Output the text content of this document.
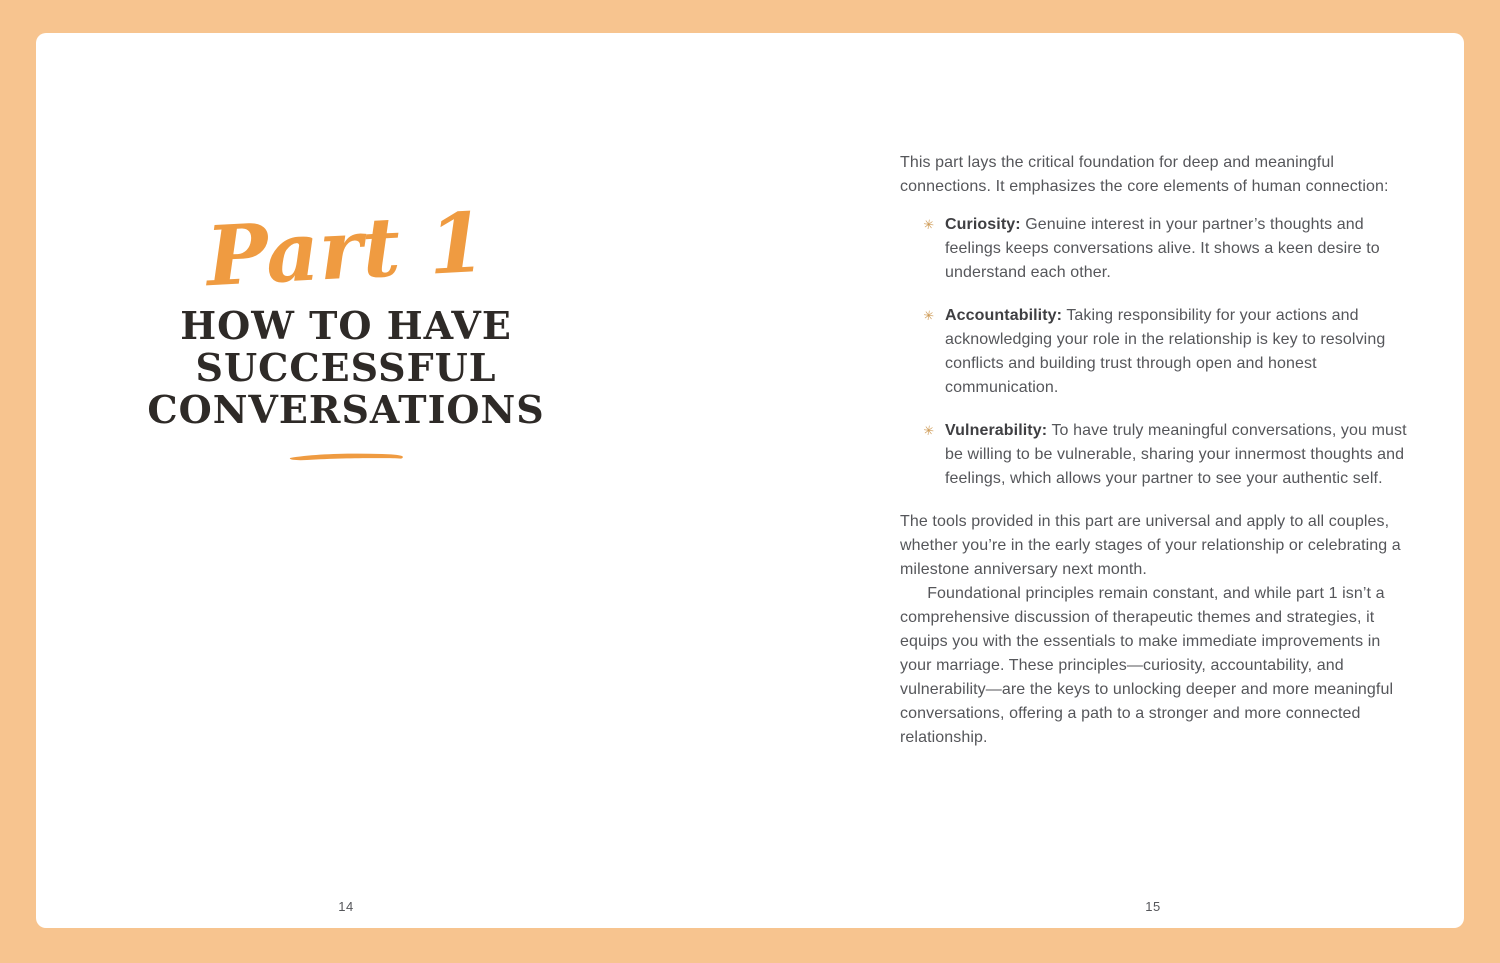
Part 1
HOW TO HAVE
SUCCESSFUL
CONVERSATIONS
14

This part lays the critical foundation for deep and meaningful connections. It emphasizes the core elements of human connection:

✳ Curiosity: Genuine interest in your partner’s thoughts and feelings keeps conversations alive. It shows a keen desire to understand each other.
✳ Accountability: Taking responsibility for your actions and acknowledging your role in the relationship is key to resolving conflicts and building trust through open and honest communication.
✳ Vulnerability: To have truly meaningful conversations, you must be willing to be vulnerable, sharing your innermost thoughts and feelings, which allows your partner to see your authentic self.

The tools provided in this part are universal and apply to all couples, whether you’re in the early stages of your relationship or celebrating a milestone anniversary next month.

Foundational principles remain constant, and while part 1 isn’t a comprehensive discussion of therapeutic themes and strategies, it equips you with the essentials to make immediate improvements in your marriage. These principles—curiosity, accountability, and vulnerability—are the keys to unlocking deeper and more meaningful conversations, offering a path to a stronger and more connected relationship.

15
